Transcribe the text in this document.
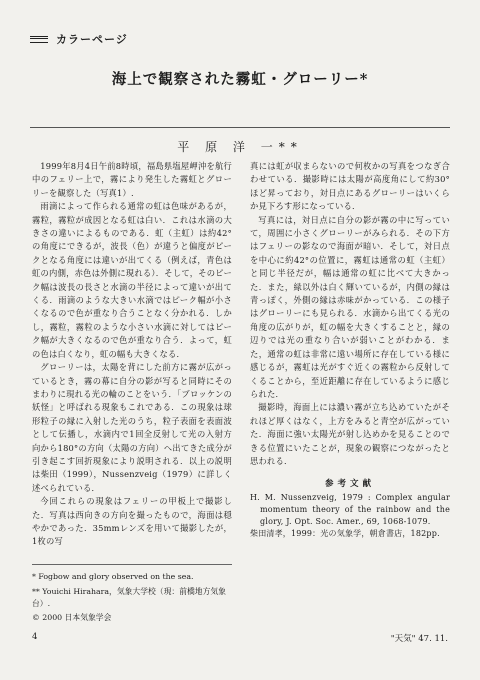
カラーページ
海上で観察された霧虹・グローリー*
平 原 洋 一**

1999年8月4日午前8時頃，福島県塩屋岬沖を航行中のフェリー上で，霧により発生した霧虹とグローリーを観察した（写真1）.

雨滴によって作られる通常の虹は色味があるが，霧粒，霧粒が成因となる虹は白い．これは水滴の大きさの違いによるものである．虹（主虹）は約42°の角度にできるが，波長（色）が違うと偏度がピークとなる角度には違いが出てくる（例えば，青色は虹の内側，赤色は外側に現れる）．そして，そのピーク幅は波長の長さと水滴の半径によって違いが出てくる．雨滴のような大きい水滴ではピーク幅が小さくなるので色が重なり合うことなく分かれる．しかし，霧粒，霧粒のような小さい水滴に対してはピーク幅が大きくなるので色が重なり合う．よって，虹の色は白くなり，虹の幅も大きくなる．

グローリーは，太陽を背にした前方に霧が広がっているとき，霧の幕に自分の影が写ると同時にそのまわりに現れる光の輪のことをいう．「ブロッケンの妖怪」と呼ばれる現象もこれである．この現象は球形粒子の縁に入射した光のうち，粒子表面を表面波として伝播し，水滴内で1回全反射して光の入射方向から180°の方向（太陽の方向）へ出てきた成分が引き起こす回折現象により説明される．以上の説明は柴田（1999），Nussenzveig（1979）に詳しく述べられている．

今回これらの現象はフェリーの甲板上で撮影した．写真は西向きの方向を撮ったもので，海面は穏やかであった．35mmレンズを用いて撮影したが，1枚の写

真には虹が収まらないので何枚かの写真をつなぎ合わせている．撮影時には太陽が高度角にして約30°ほど昇っており，対日点にあるグローリーはいくらか見下ろす形になっている．

写真には，対日点に自分の影が霧の中に写っていて，周囲に小さくグローリーがみられる．その下方はフェリーの影なので海面が暗い．そして，対日点を中心に約42°の位置に，霧虹は通常の虹（主虹）と同じ半径だが，幅は通常の虹に比べて大きかった．また，緑以外は白く輝いているが，内側の縁は青っぽく，外側の縁は赤味がかっている．この様子はグローリーにも見られる．水滴から出てくる光の角度の広がりが，虹の幅を大きくすることと，縁の辺りでは光の重なり合いが弱いことがわかる．また，通常の虹は非常に遠い場所に存在している様に感じるが，霧虹は光がすぐ近くの霧粒から反射してくることから，至近距離に存在しているように感じられた．

撮影時，海面上には濃い霧が立ち込めていたがそれほど厚くはなく，上方をみると青空が広がっていた．海面に強い太陽光が射し込めかを見ることのできる位置にいたことが，現象の観察につながったと思われる．

参考文献
H. M. Nussenzveig, 1979 : Complex angular momentum theory of the rainbow and the glory, J. Opt. Soc. Amer., 69, 1068-1079.
柴田清孝，1999：光の気象学，朝倉書店，182pp.
* Fogbow and glory observed on the sea.
** Youichi Hirahara，気象大学校（現：前橋地方気象台）.
© 2000 日本気象学会
4	"天気" 47. 11.
